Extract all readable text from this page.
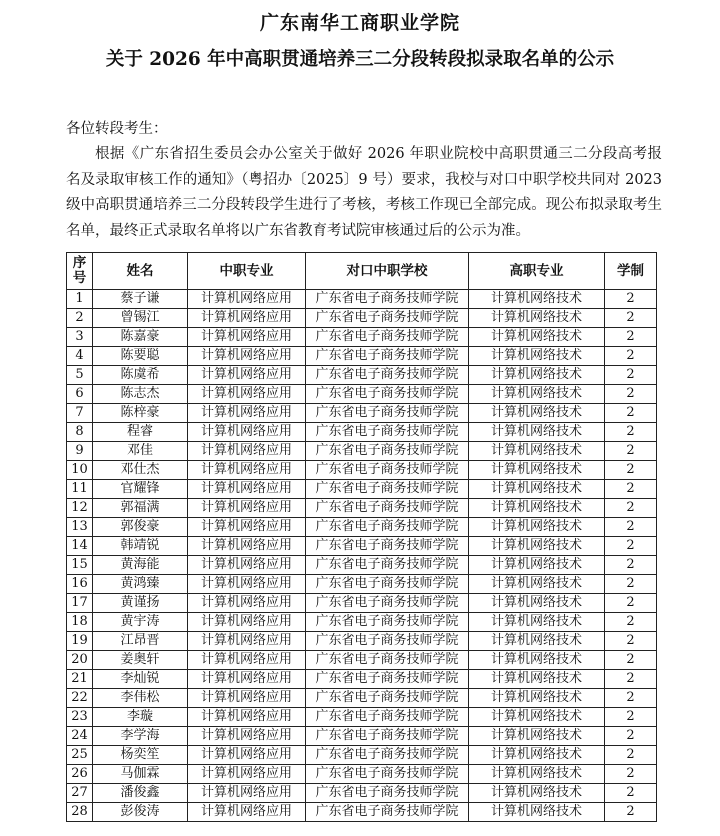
广东南华工商职业学院
关于 2026 年中高职贯通培养三二分段转段拟录取名单的公示
各位转段考生：

根据《广东省招生委员会办公室关于做好 2026 年职业院校中高职贯通三二分段高考报名及录取审核工作的通知》（粤招办〔2025〕9 号）要求，我校与对口中职学校共同对 2023 级中高职贯通培养三二分段转段学生进行了考核，考核工作现已全部完成。现公布拟录取考生名单，最终正式录取名单将以广东省教育考试院审核通过后的公示为准。

序号	姓名	中职专业	对口中职学校	高职专业	学制
1	蔡子谦	计算机网络应用	广东省电子商务技师学院	计算机网络技术	2
2	曾锡江	计算机网络应用	广东省电子商务技师学院	计算机网络技术	2
3	陈嘉豪	计算机网络应用	广东省电子商务技师学院	计算机网络技术	2
4	陈要聪	计算机网络应用	广东省电子商务技师学院	计算机网络技术	2
5	陈虞希	计算机网络应用	广东省电子商务技师学院	计算机网络技术	2
6	陈志杰	计算机网络应用	广东省电子商务技师学院	计算机网络技术	2
7	陈梓豪	计算机网络应用	广东省电子商务技师学院	计算机网络技术	2
8	程睿	计算机网络应用	广东省电子商务技师学院	计算机网络技术	2
9	邓佳	计算机网络应用	广东省电子商务技师学院	计算机网络技术	2
10	邓仕杰	计算机网络应用	广东省电子商务技师学院	计算机网络技术	2
11	官耀锋	计算机网络应用	广东省电子商务技师学院	计算机网络技术	2
12	郭福满	计算机网络应用	广东省电子商务技师学院	计算机网络技术	2
13	郭俊豪	计算机网络应用	广东省电子商务技师学院	计算机网络技术	2
14	韩靖锐	计算机网络应用	广东省电子商务技师学院	计算机网络技术	2
15	黄海能	计算机网络应用	广东省电子商务技师学院	计算机网络技术	2
16	黄鸿臻	计算机网络应用	广东省电子商务技师学院	计算机网络技术	2
17	黄谨扬	计算机网络应用	广东省电子商务技师学院	计算机网络技术	2
18	黄宇涛	计算机网络应用	广东省电子商务技师学院	计算机网络技术	2
19	江昂晋	计算机网络应用	广东省电子商务技师学院	计算机网络技术	2
20	姜奥轩	计算机网络应用	广东省电子商务技师学院	计算机网络技术	2
21	李灿锐	计算机网络应用	广东省电子商务技师学院	计算机网络技术	2
22	李伟松	计算机网络应用	广东省电子商务技师学院	计算机网络技术	2
23	李璇	计算机网络应用	广东省电子商务技师学院	计算机网络技术	2
24	李学海	计算机网络应用	广东省电子商务技师学院	计算机网络技术	2
25	杨奕笙	计算机网络应用	广东省电子商务技师学院	计算机网络技术	2
26	马伽霖	计算机网络应用	广东省电子商务技师学院	计算机网络技术	2
27	潘俊鑫	计算机网络应用	广东省电子商务技师学院	计算机网络技术	2
28	彭俊涛	计算机网络应用	广东省电子商务技师学院	计算机网络技术	2
